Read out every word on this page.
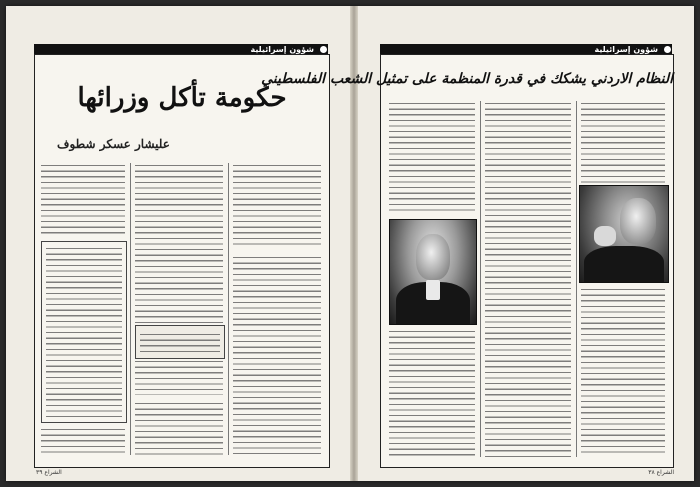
شؤون إسرائيلية
حكومة تأكل وزرائها
عليشار عسكر شطوف
الشراع ٣٩
شؤون إسرائيلية
النظام الاردني يشكك في قدرة المنظمة على تمثيل الشعب الفلسطيني
الشراع ٣٨
